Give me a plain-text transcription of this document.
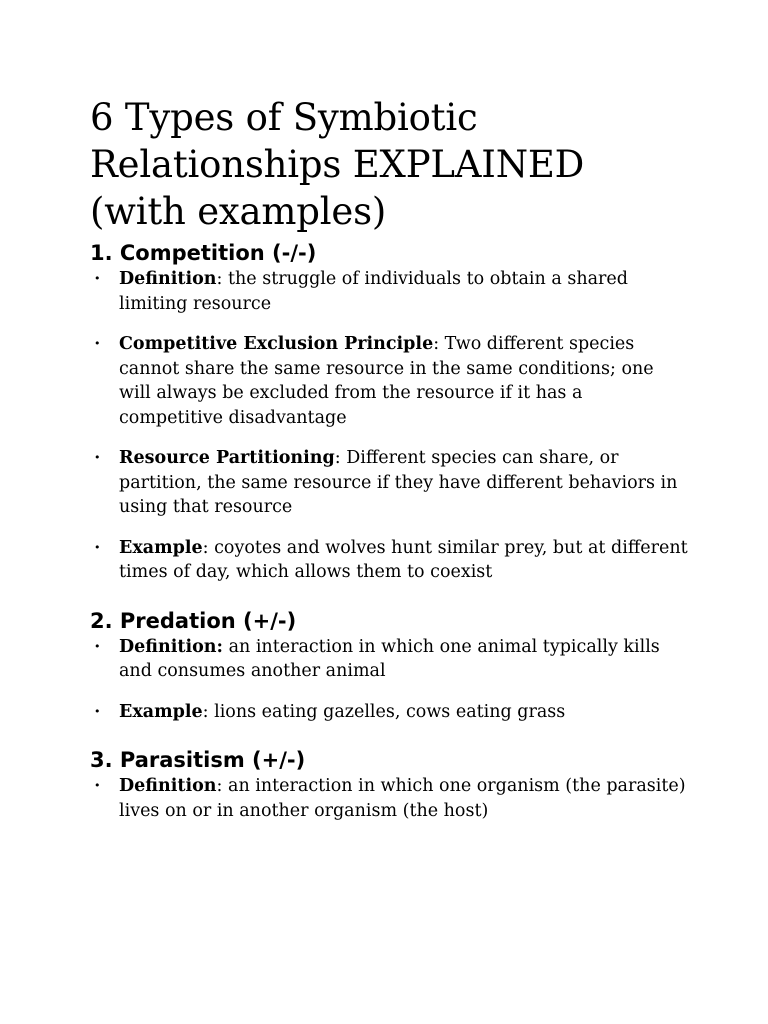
6 Types of Symbiotic
Relationships EXPLAINED
(with examples)
1. Competition (-/-)
• Definition: the struggle of individuals to obtain a shared limiting resource
• Competitive Exclusion Principle: Two different species cannot share the same resource in the same conditions; one will always be excluded from the resource if it has a competitive disadvantage
• Resource Partitioning: Different species can share, or partition, the same resource if they have different behaviors in using that resource
• Example: coyotes and wolves hunt similar prey, but at different times of day, which allows them to coexist
2. Predation (+/-)
• Definition: an interaction in which one animal typically kills and consumes another animal
• Example: lions eating gazelles, cows eating grass
3. Parasitism (+/-)
• Definition: an interaction in which one organism (the parasite) lives on or in another organism (the host)
